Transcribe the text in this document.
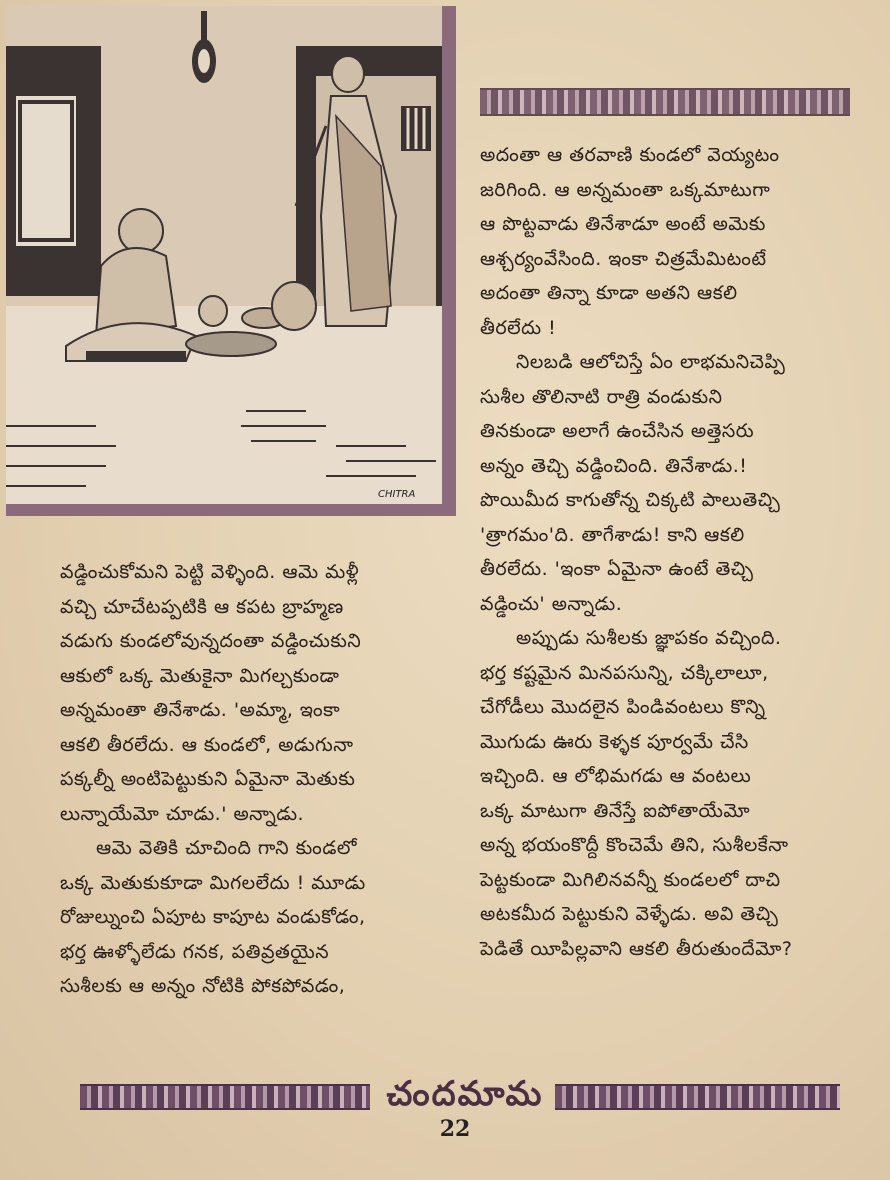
CHITRA

అదంతా ఆ తరవాణి కుండలో వెయ్యటం

జరిగింది. ఆ అన్నమంతా ఒక్కమాటుగా

ఆ పొట్టవాడు తినేశాడూ అంటే అమెకు

ఆశ్చర్యంవేసింది. ఇంకా చిత్రమేమిటంటే

అదంతా తిన్నా కూడా అతని ఆకలి

తీరలేదు !

నిలబడి ఆలోచిస్తే ఏం లాభమనిచెప్పి

సుశీల తొలినాటి రాత్రి వండుకుని

తినకుండా అలాగే ఉంచేసిన అత్తెసరు

అన్నం తెచ్చి వడ్డించింది. తినేశాడు.!

పొయిమీద కాగుతోన్న చిక్కటి పాలుతెచ్చి

'త్రాగమం'ది. తాగేశాడు! కాని ఆకలి

తీరలేదు. 'ఇంకా ఏమైనా ఉంటే తెచ్చి

వడ్డించు' అన్నాడు.

అప్పుడు సుశీలకు జ్ఞాపకం వచ్చింది.

భర్త కష్టమైన మినపసున్ని, చక్కిలాలూ,

చేగోడీలు మొదలైన పిండివంటలు కొన్ని

మొగుడు ఊరు కెళ్ళక పూర్వమే చేసి

ఇచ్చింది. ఆ లోభిమగడు ఆ వంటలు

ఒక్క మాటుగా తినేస్తే ఐపోతాయేమో

అన్న భయంకొద్దీ కొంచెమే తిని, సుశీలకేనా

పెట్టకుండా మిగిలినవన్నీ కుండలలో దాచి

అటకమీద పెట్టుకుని వెళ్ళేడు. అవి తెచ్చి

పెడితే యీపిల్లవాని ఆకలి తీరుతుందేమో?

వడ్డించుకోమని పెట్టి వెళ్ళింది. ఆమె మళ్లీ

వచ్చి చూచేటప్పటికి ఆ కపట బ్రాహ్మణ

వడుగు కుండలోవున్నదంతా వడ్డించుకుని

ఆకులో ఒక్క మెతుకైనా మిగల్చకుండా

అన్నమంతా తినేశాడు. 'అమ్మా, ఇంకా

ఆకలి తీరలేదు. ఆ కుండలో, అడుగునా

పక్కల్నీ అంటిపెట్టుకుని ఏమైనా మెతుకు

లున్నాయేమో చూడు.' అన్నాడు.

ఆమె వెతికి చూచింది గాని కుండలో

ఒక్క మెతుకుకూడా మిగలలేదు ! మూడు

రోజుల్నుంచి ఏపూట కాపూట వండుకోడం,

భర్త ఊళ్ళోలేడు గనక, పతివ్రతయైన

సుశీలకు ఆ అన్నం నోటికి పోకపోవడం,

చందమామ
22
